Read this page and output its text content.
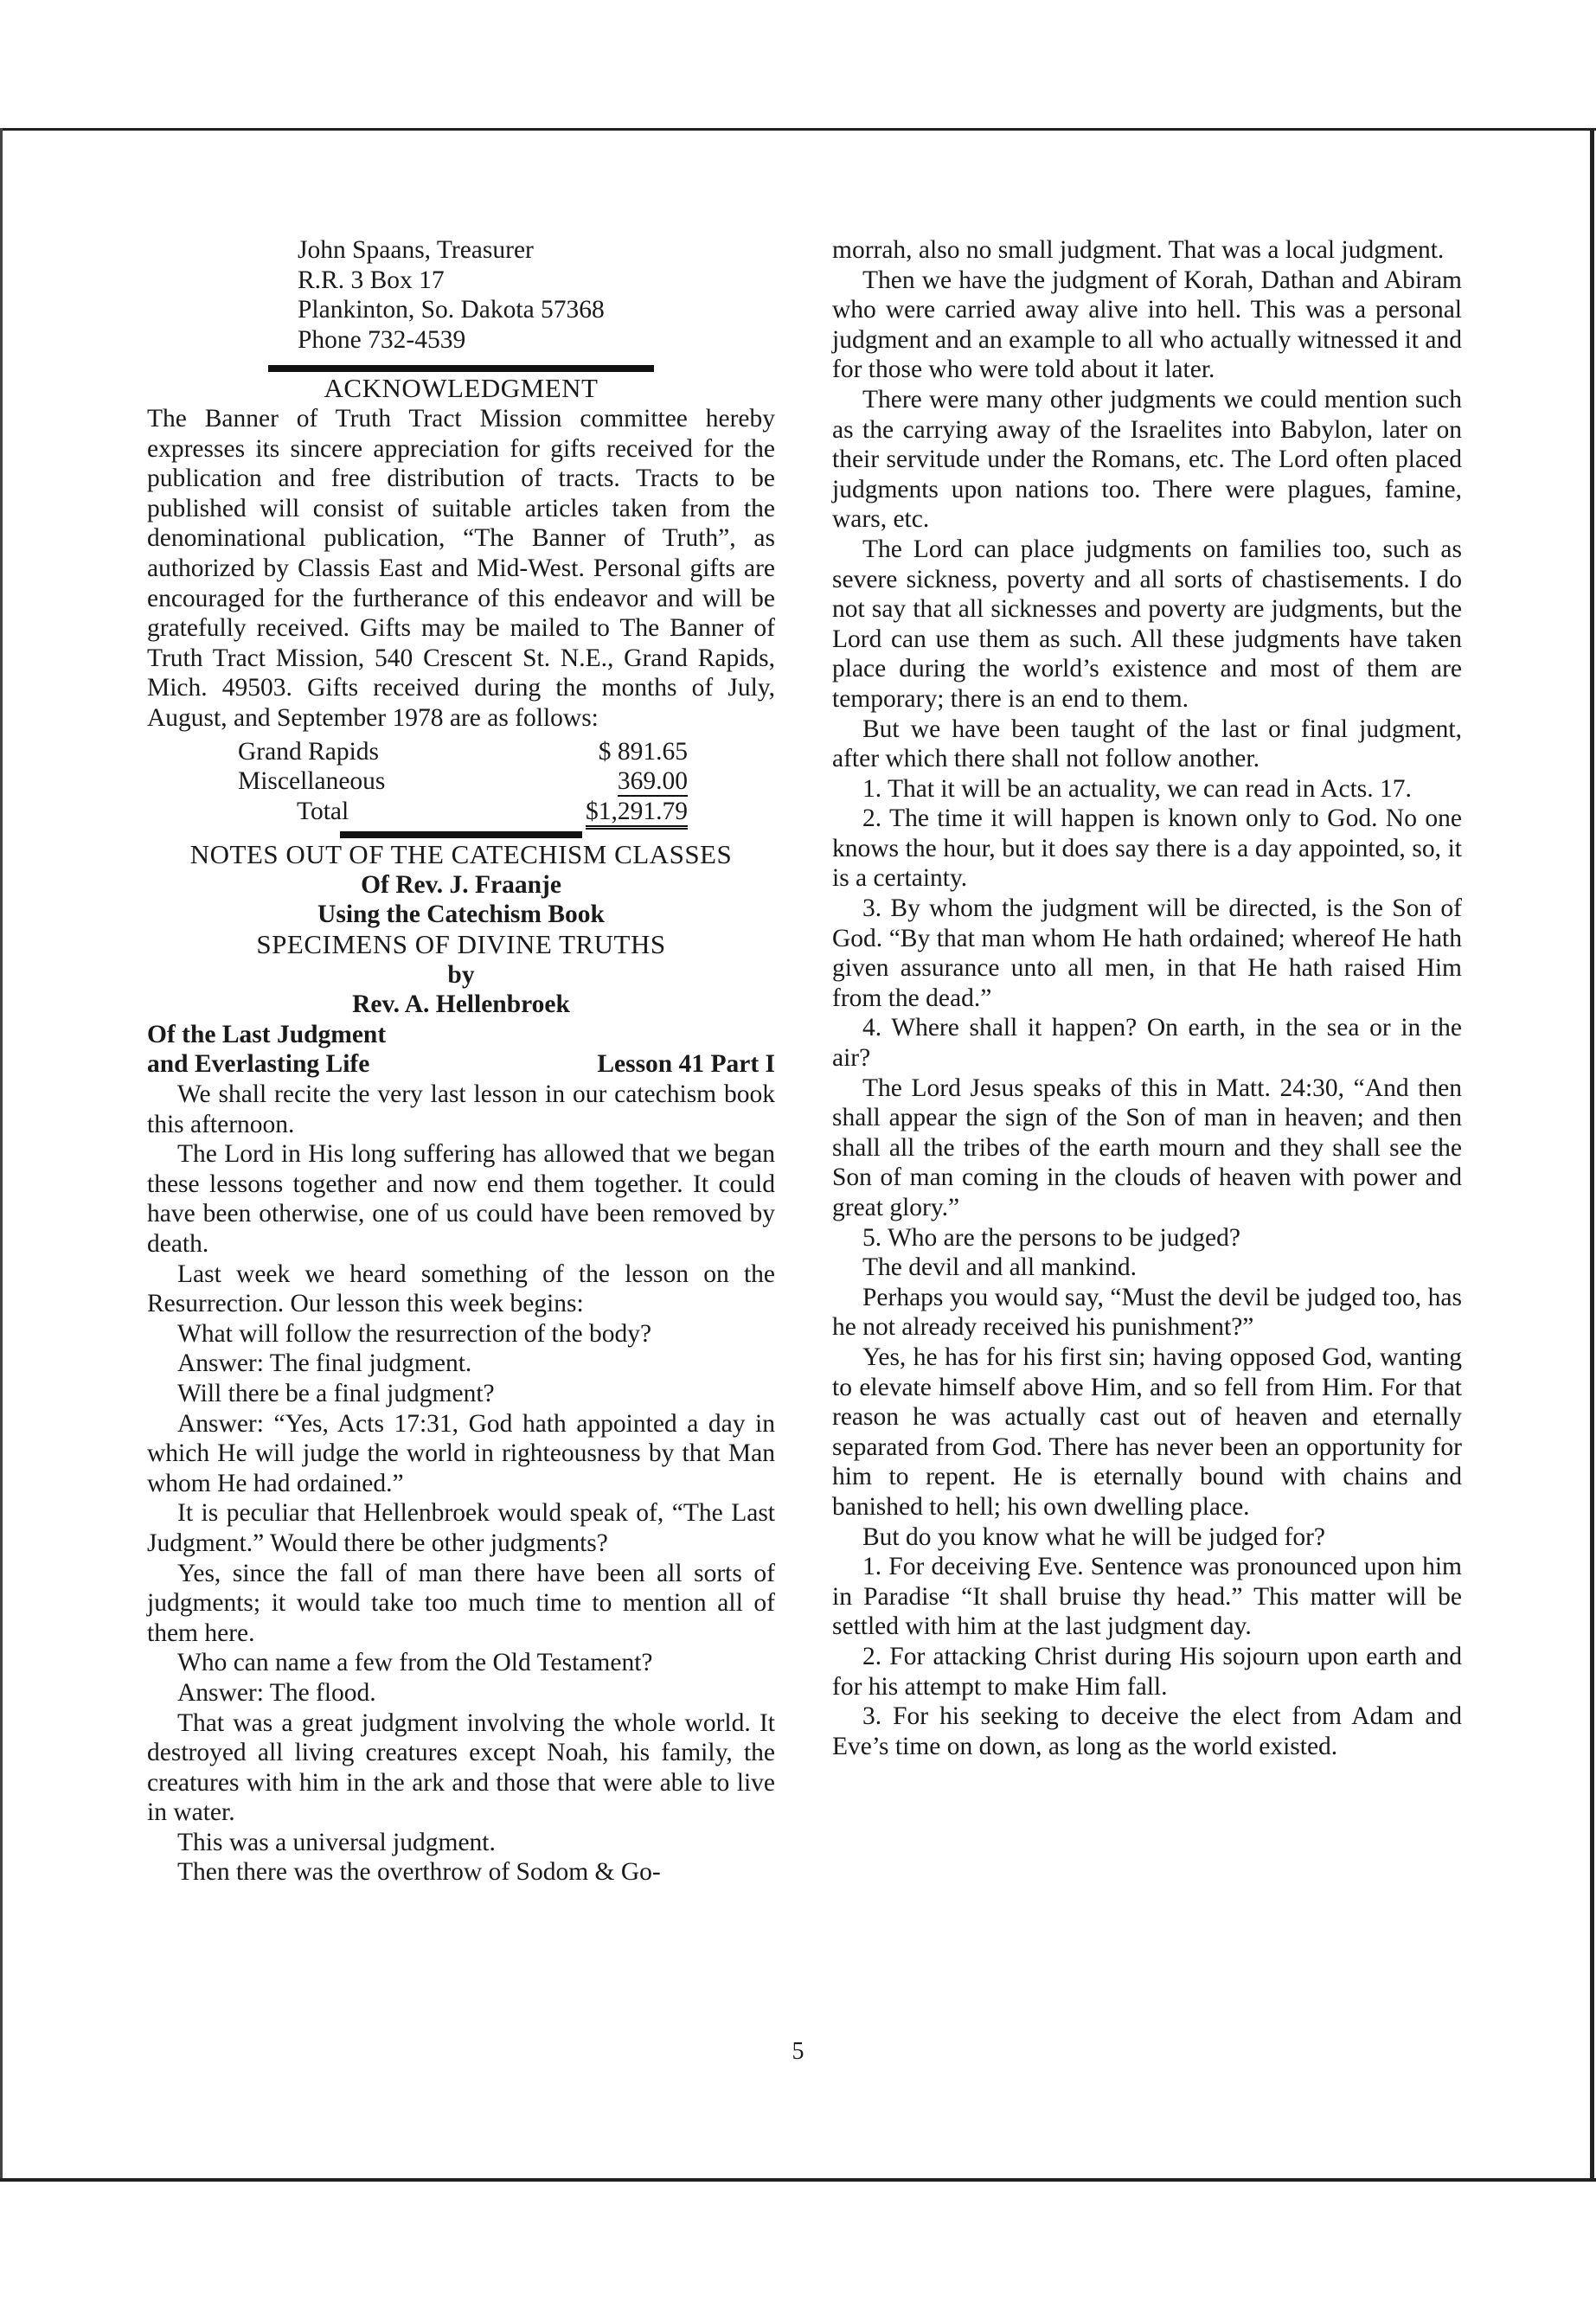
John Spaans, Treasurer
R.R. 3 Box 17
Plankinton, So. Dakota 57368
Phone 732-4539
ACKNOWLEDGMENT

The Banner of Truth Tract Mission committee hereby expresses its sincere appreciation for gifts received for the publication and free distribution of tracts. Tracts to be published will consist of suitable articles taken from the denominational publication, “The Banner of Truth”, as authorized by Classis East and Mid-West. Personal gifts are encouraged for the furtherance of this endeavor and will be gratefully received. Gifts may be mailed to The Banner of Truth Tract Mission, 540 Crescent St. N.E., Grand Rapids, Mich. 49503. Gifts received during the months of July, August, and September 1978 are as follows:

Grand Rapids	$ 891.65
Miscellaneous	369.00
Total	$1,291.79
NOTES OUT OF THE CATECHISM CLASSES
Of Rev. J. Fraanje
Using the Catechism Book
SPECIMENS OF DIVINE TRUTHS
by
Rev. A. Hellenbroek
Of the Last Judgment
and Everlasting Life	Lesson 41 Part I

We shall recite the very last lesson in our catechism book this afternoon.

The Lord in His long suffering has allowed that we began these lessons together and now end them together. It could have been otherwise, one of us could have been removed by death.

Last week we heard something of the lesson on the Resurrection. Our lesson this week begins:

What will follow the resurrection of the body?

Answer: The final judgment.

Will there be a final judgment?

Answer: “Yes, Acts 17:31, God hath appointed a day in which He will judge the world in righteousness by that Man whom He had ordained.”

It is peculiar that Hellenbroek would speak of, “The Last Judgment.” Would there be other judgments?

Yes, since the fall of man there have been all sorts of judgments; it would take too much time to mention all of them here.

Who can name a few from the Old Testament?

Answer: The flood.

That was a great judgment involving the whole world. It destroyed all living creatures except Noah, his family, the creatures with him in the ark and those that were able to live in water.

This was a universal judgment.

Then there was the overthrow of Sodom & Go-

morrah, also no small judgment. That was a local judgment.

Then we have the judgment of Korah, Dathan and Abiram who were carried away alive into hell. This was a personal judgment and an example to all who actually witnessed it and for those who were told about it later.

There were many other judgments we could mention such as the carrying away of the Israelites into Babylon, later on their servitude under the Romans, etc. The Lord often placed judgments upon nations too. There were plagues, famine, wars, etc.

The Lord can place judgments on families too, such as severe sickness, poverty and all sorts of chastisements. I do not say that all sicknesses and poverty are judgments, but the Lord can use them as such. All these judgments have taken place during the world’s existence and most of them are temporary; there is an end to them.

But we have been taught of the last or final judgment, after which there shall not follow another.

1. That it will be an actuality, we can read in Acts. 17.

2. The time it will happen is known only to God. No one knows the hour, but it does say there is a day appointed, so, it is a certainty.

3. By whom the judgment will be directed, is the Son of God. “By that man whom He hath ordained; whereof He hath given assurance unto all men, in that He hath raised Him from the dead.”

4. Where shall it happen? On earth, in the sea or in the air?

The Lord Jesus speaks of this in Matt. 24:30, “And then shall appear the sign of the Son of man in heaven; and then shall all the tribes of the earth mourn and they shall see the Son of man coming in the clouds of heaven with power and great glory.”

5. Who are the persons to be judged?

The devil and all mankind.

Perhaps you would say, “Must the devil be judged too, has he not already received his punishment?”

Yes, he has for his first sin; having opposed God, wanting to elevate himself above Him, and so fell from Him. For that reason he was actually cast out of heaven and eternally separated from God. There has never been an opportunity for him to repent. He is eternally bound with chains and banished to hell; his own dwelling place.

But do you know what he will be judged for?

1. For deceiving Eve. Sentence was pronounced upon him in Paradise “It shall bruise thy head.” This matter will be settled with him at the last judgment day.

2. For attacking Christ during His sojourn upon earth and for his attempt to make Him fall.

3. For his seeking to deceive the elect from Adam and Eve’s time on down, as long as the world existed.

5
